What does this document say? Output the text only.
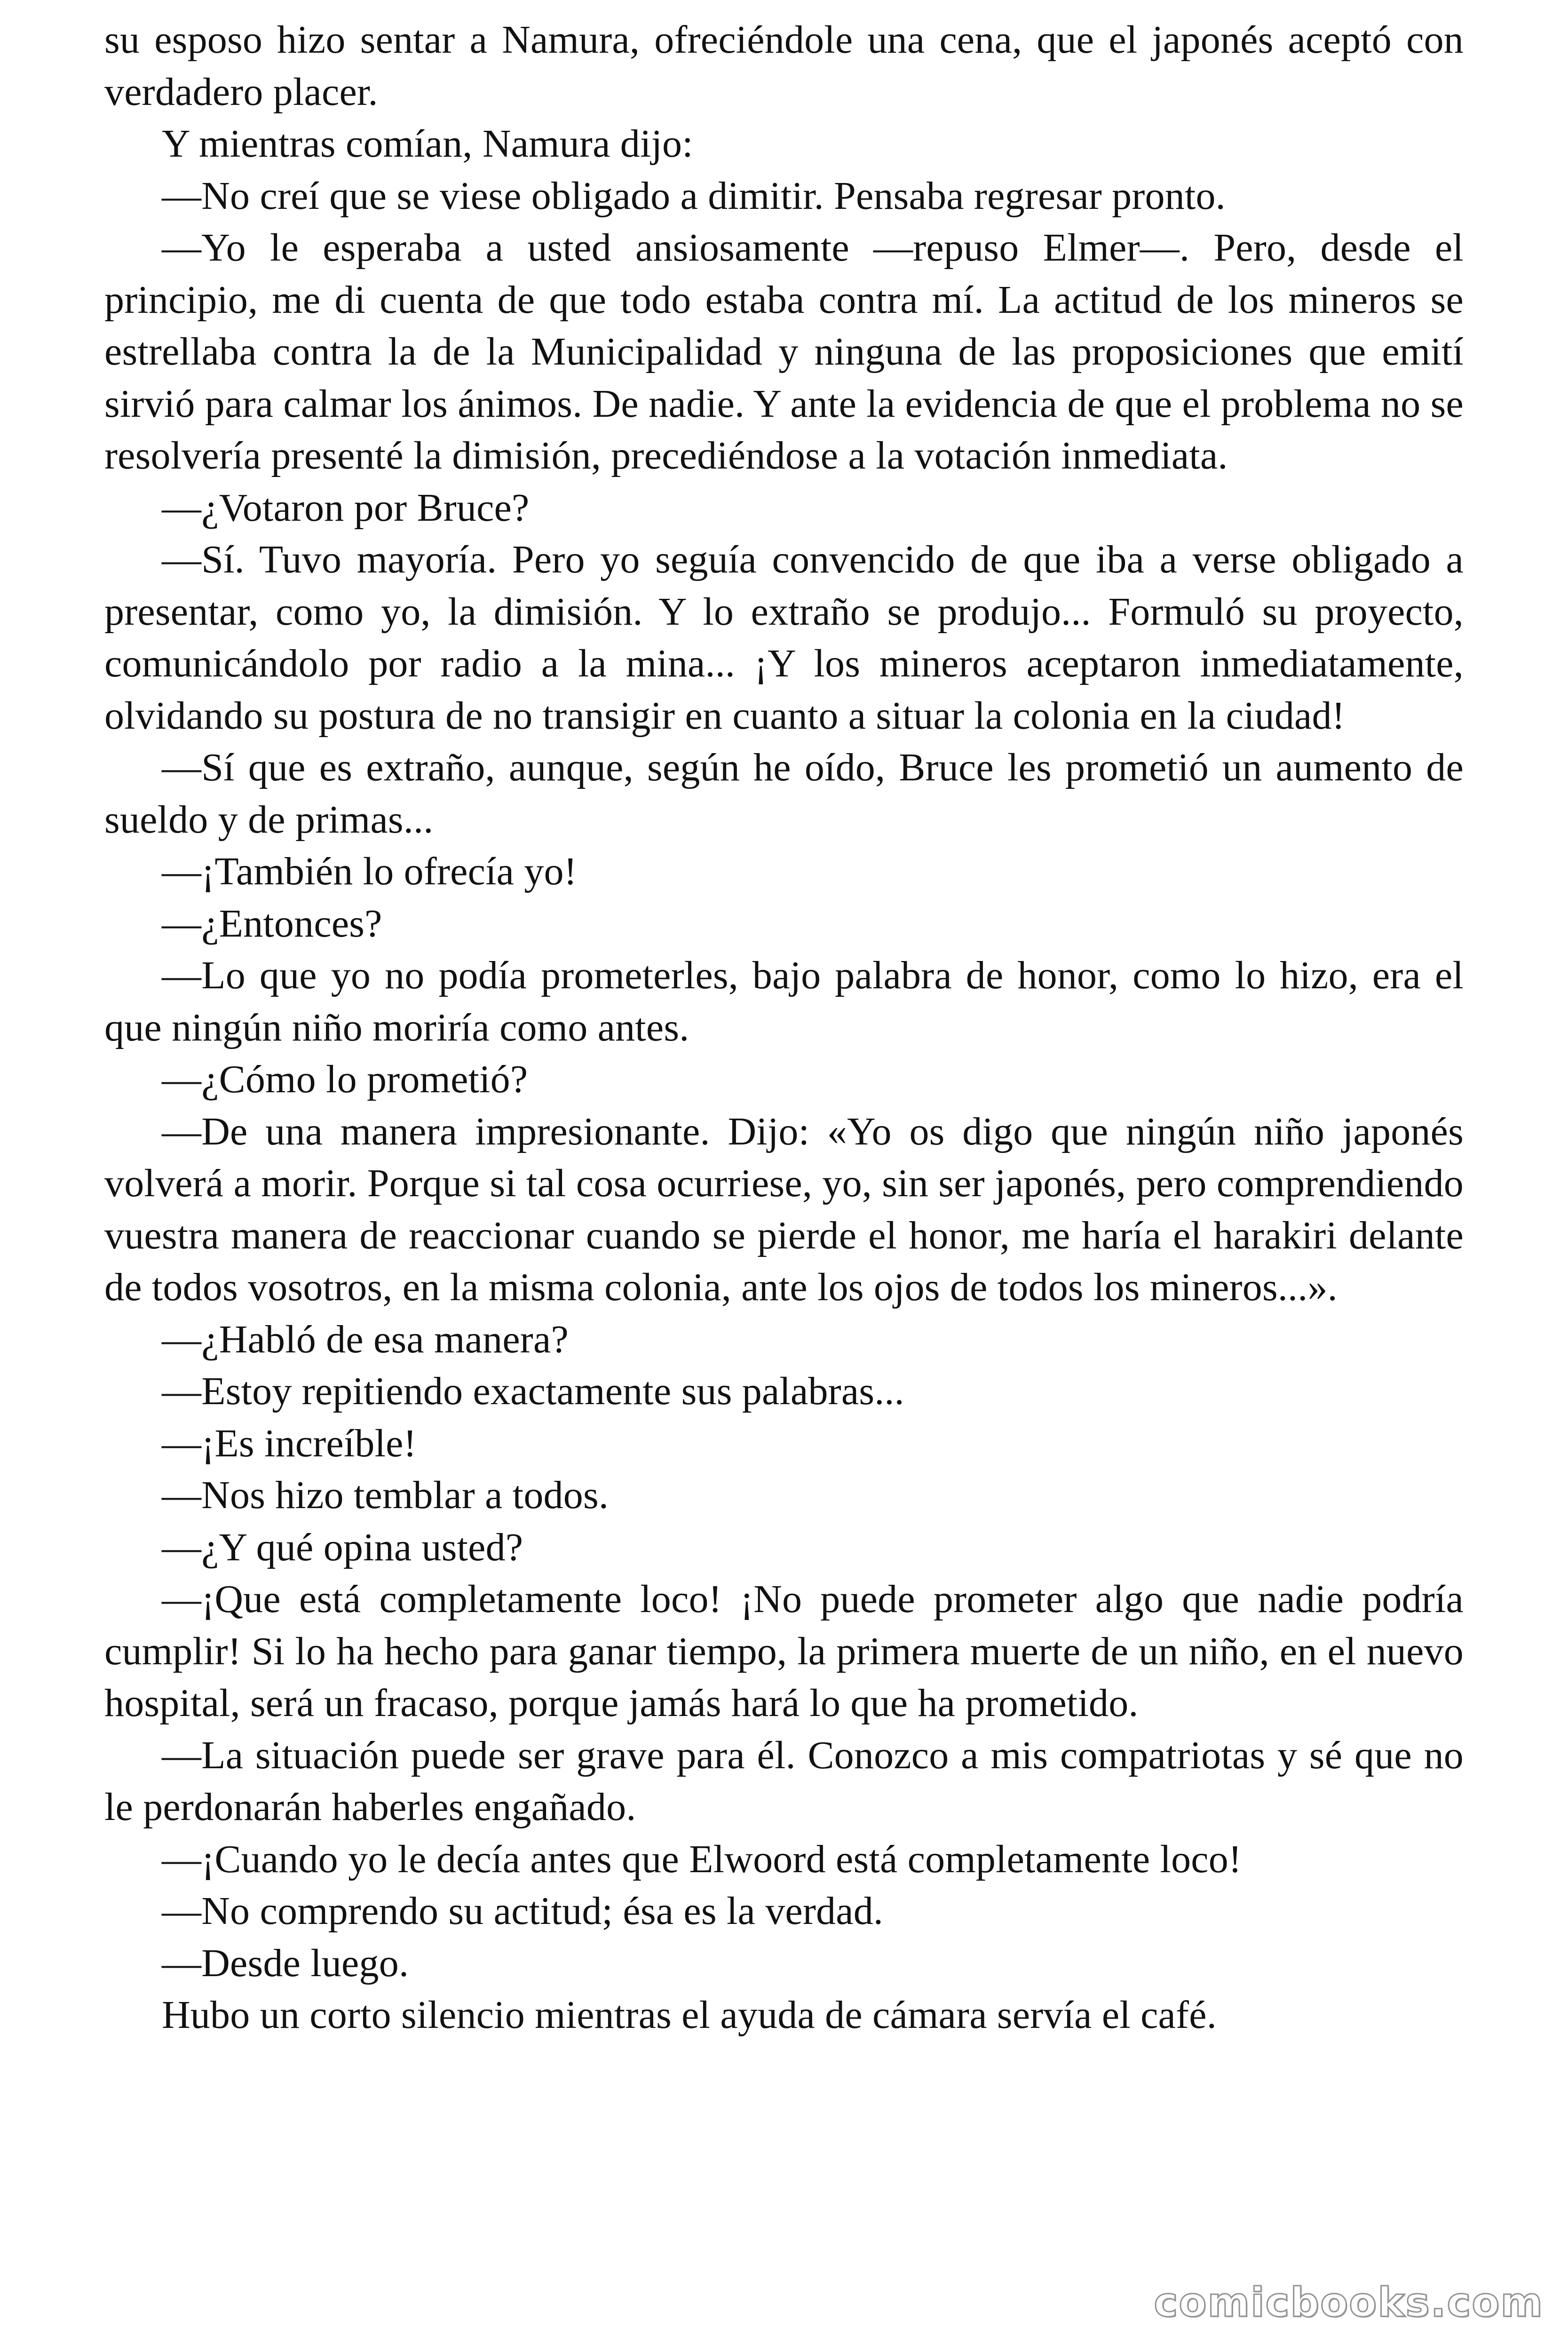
su esposo hizo sentar a Namura, ofreciéndole una cena, que el japonés aceptó con verdadero placer.

Y mientras comían, Namura dijo:

—No creí que se viese obligado a dimitir. Pensaba regresar pronto.

—Yo le esperaba a usted ansiosamente —repuso Elmer—. Pero, desde el principio, me di cuenta de que todo estaba contra mí. La actitud de los mineros se estrellaba contra la de la Municipalidad y ninguna de las proposiciones que emití sirvió para calmar los ánimos. De nadie. Y ante la evidencia de que el problema no se resolvería presenté la dimisión, precediéndose a la votación inmediata.

—¿Votaron por Bruce?

—Sí. Tuvo mayoría. Pero yo seguía convencido de que iba a verse obligado a presentar, como yo, la dimisión. Y lo extraño se produjo... Formuló su proyecto, comunicándolo por radio a la mina... ¡Y los mineros aceptaron inmediatamente, olvidando su postura de no transigir en cuanto a situar la colonia en la ciudad!

—Sí que es extraño, aunque, según he oído, Bruce les prometió un aumento de sueldo y de primas...

—¡También lo ofrecía yo!

—¿Entonces?

—Lo que yo no podía prometerles, bajo palabra de honor, como lo hizo, era el que ningún niño moriría como antes.

—¿Cómo lo prometió?

—De una manera impresionante. Dijo: «Yo os digo que ningún niño japonés volverá a morir. Porque si tal cosa ocurriese, yo, sin ser japonés, pero comprendiendo vuestra manera de reaccionar cuando se pierde el honor, me haría el harakiri delante de todos vosotros, en la misma colonia, ante los ojos de todos los mineros...».

—¿Habló de esa manera?

—Estoy repitiendo exactamente sus palabras...

—¡Es increíble!

—Nos hizo temblar a todos.

—¿Y qué opina usted?

—¡Que está completamente loco! ¡No puede prometer algo que nadie podría cumplir! Si lo ha hecho para ganar tiempo, la primera muerte de un niño, en el nuevo hospital, será un fracaso, porque jamás hará lo que ha prometido.

—La situación puede ser grave para él. Conozco a mis compatriotas y sé que no le perdonarán haberles engañado.

—¡Cuando yo le decía antes que Elwoord está completamente loco!

—No comprendo su actitud; ésa es la verdad.

—Desde luego.

Hubo un corto silencio mientras el ayuda de cámara servía el café.

comicbooks.com
